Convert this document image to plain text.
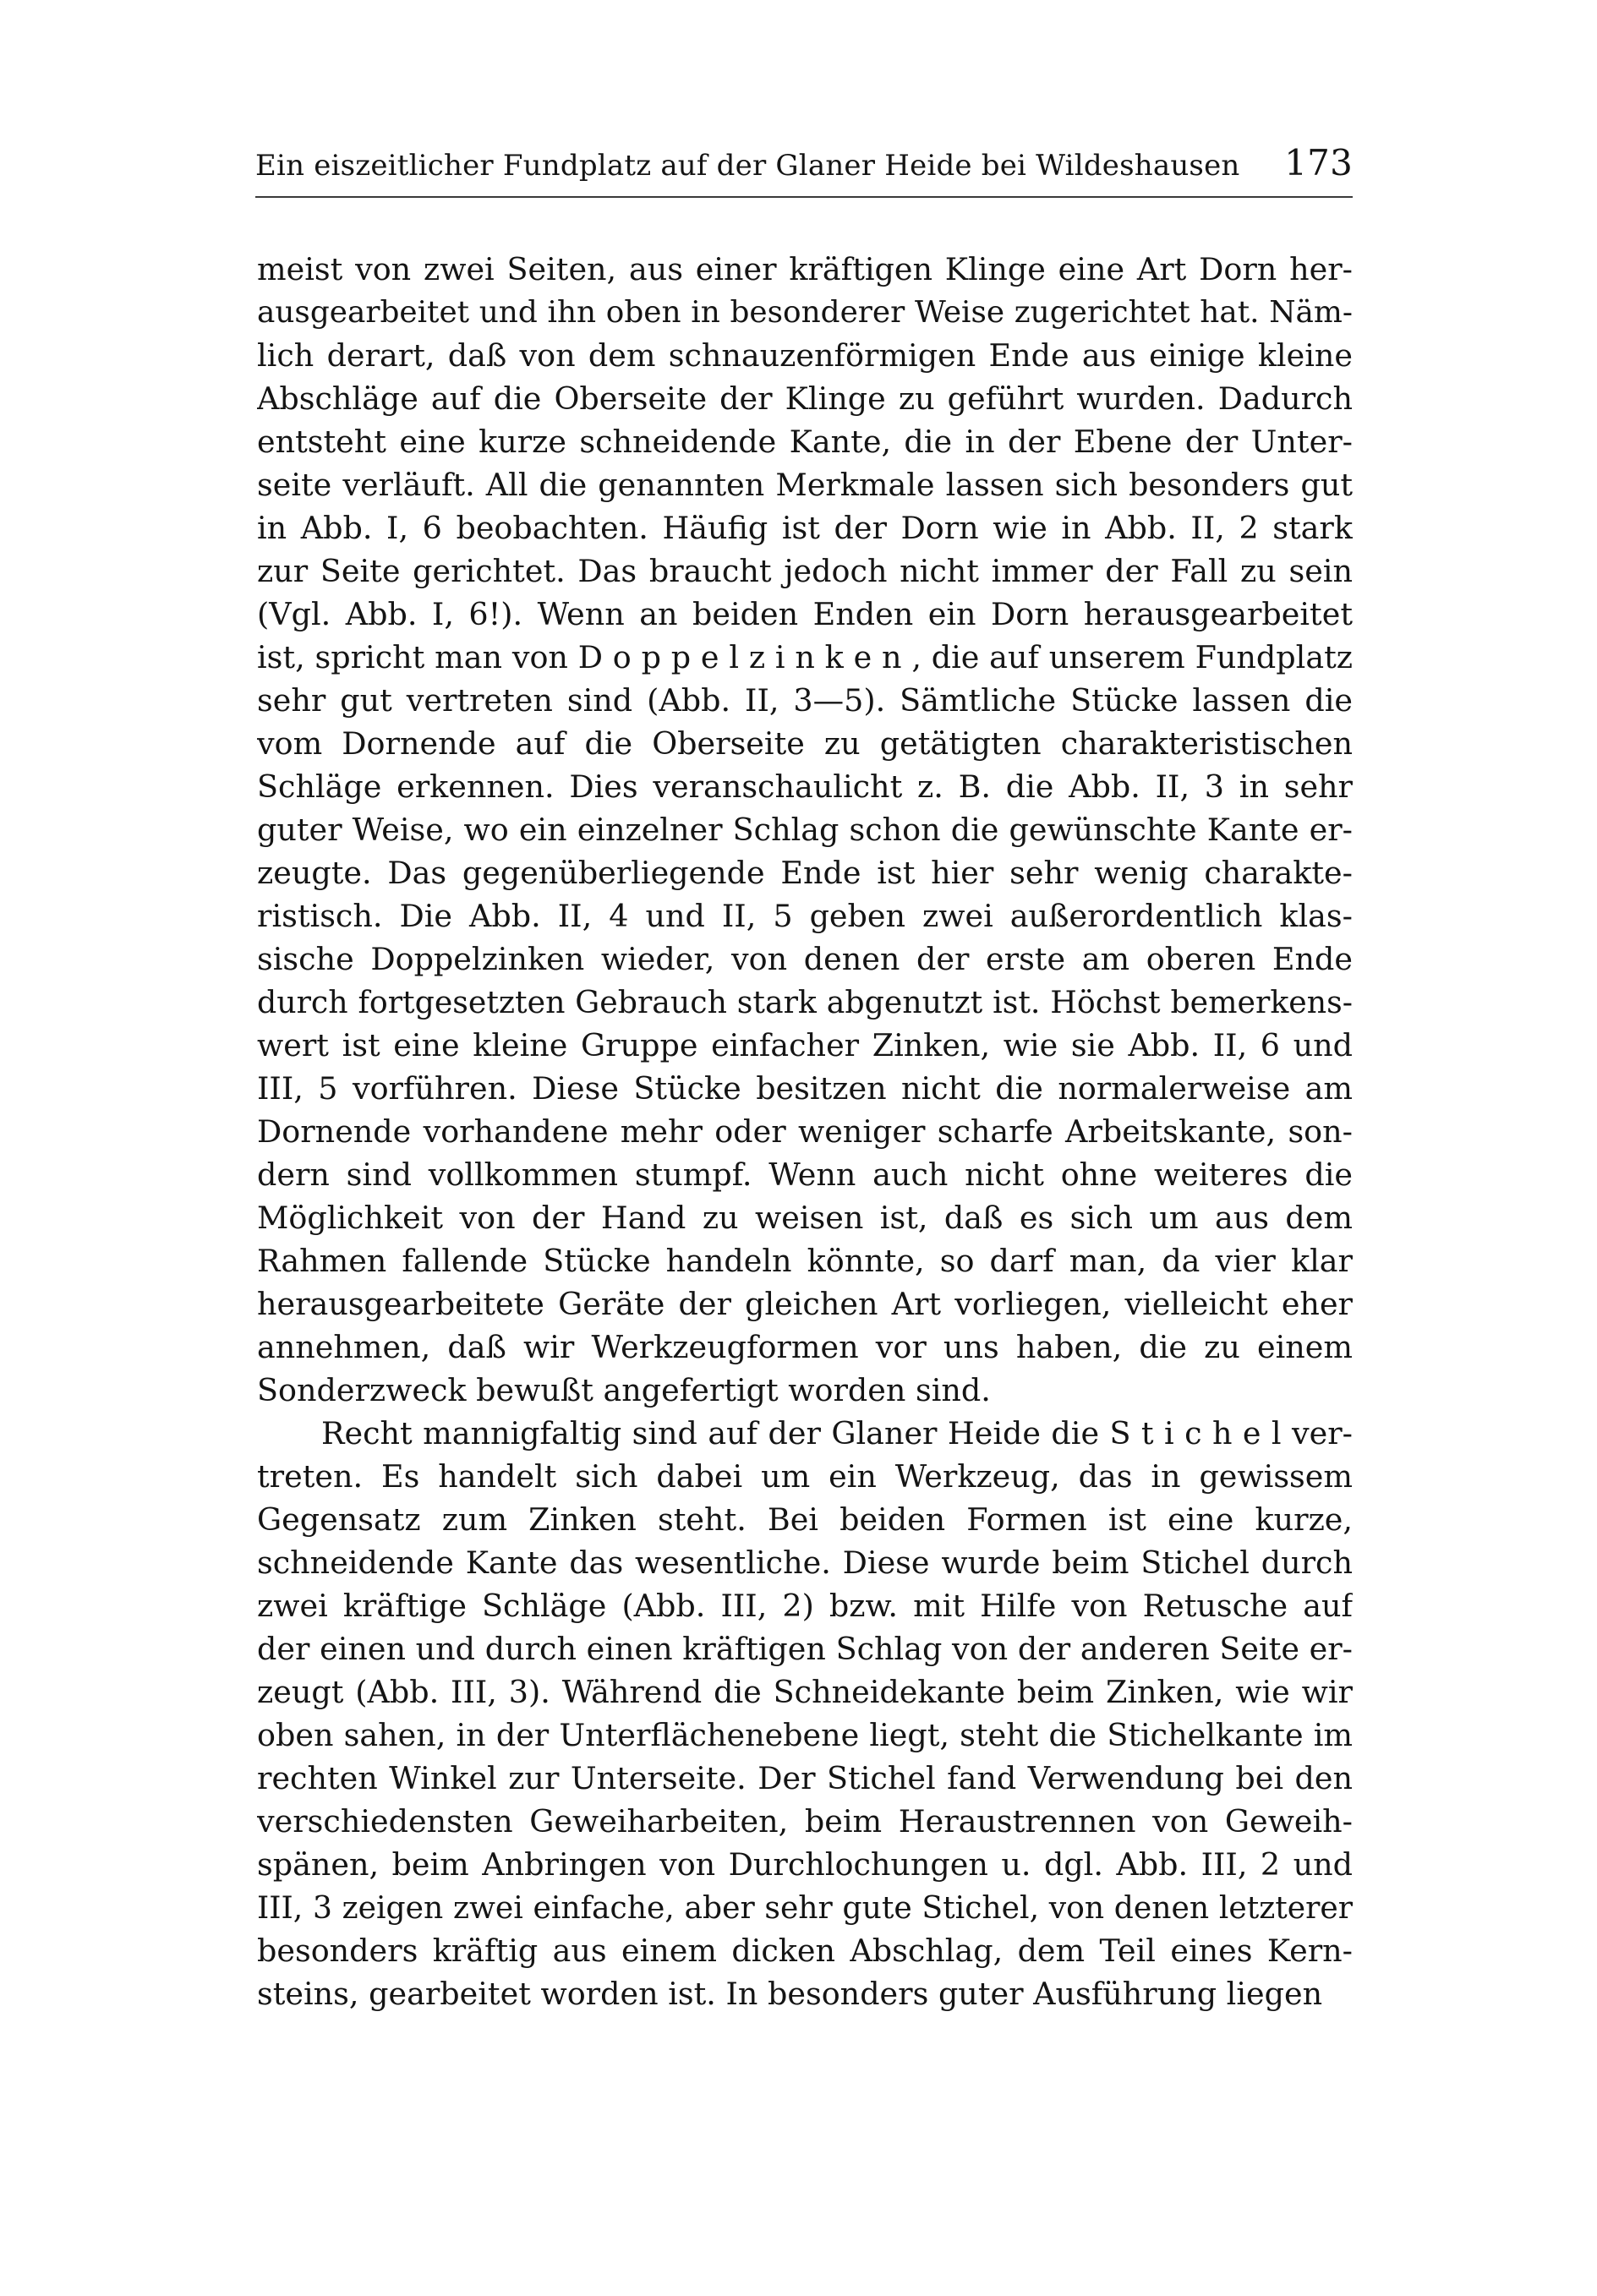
Ein eiszeitlicher Fundplatz auf der Glaner Heide bei Wildeshausen 173
meist von zwei Seiten, aus einer kräftigen Klinge eine Art Dorn her-
ausgearbeitet und ihn oben in besonderer Weise zugerichtet hat. Näm-
lich derart, daß von dem schnauzenförmigen Ende aus einige kleine
Abschläge auf die Oberseite der Klinge zu geführt wurden. Dadurch
entsteht eine kurze schneidende Kante, die in der Ebene der Unter-
seite verläuft. All die genannten Merkmale lassen sich besonders gut
in Abb. I, 6 beobachten. Häufig ist der Dorn wie in Abb. II, 2 stark
zur Seite gerichtet. Das braucht jedoch nicht immer der Fall zu sein
(Vgl. Abb. I, 6!). Wenn an beiden Enden ein Dorn herausgearbeitet
ist, spricht man von D o p p e l z i n k e n , die auf unserem Fundplatz
sehr gut vertreten sind (Abb. II, 3—5). Sämtliche Stücke lassen die
vom Dornende auf die Oberseite zu getätigten charakteristischen
Schläge erkennen. Dies veranschaulicht z. B. die Abb. II, 3 in sehr
guter Weise, wo ein einzelner Schlag schon die gewünschte Kante er-
zeugte. Das gegenüberliegende Ende ist hier sehr wenig charakte-
ristisch. Die Abb. II, 4 und II, 5 geben zwei außerordentlich klas-
sische Doppelzinken wieder, von denen der erste am oberen Ende
durch fortgesetzten Gebrauch stark abgenutzt ist. Höchst bemerkens-
wert ist eine kleine Gruppe einfacher Zinken, wie sie Abb. II, 6 und
III, 5 vorführen. Diese Stücke besitzen nicht die normalerweise am
Dornende vorhandene mehr oder weniger scharfe Arbeitskante, son-
dern sind vollkommen stumpf. Wenn auch nicht ohne weiteres die
Möglichkeit von der Hand zu weisen ist, daß es sich um aus dem
Rahmen fallende Stücke handeln könnte, so darf man, da vier klar
herausgearbeitete Geräte der gleichen Art vorliegen, vielleicht eher
annehmen, daß wir Werkzeugformen vor uns haben, die zu einem
Sonderzweck bewußt angefertigt worden sind.
Recht mannigfaltig sind auf der Glaner Heide die S t i c h e l ver-
treten. Es handelt sich dabei um ein Werkzeug, das in gewissem
Gegensatz zum Zinken steht. Bei beiden Formen ist eine kurze,
schneidende Kante das wesentliche. Diese wurde beim Stichel durch
zwei kräftige Schläge (Abb. III, 2) bzw. mit Hilfe von Retusche auf
der einen und durch einen kräftigen Schlag von der anderen Seite er-
zeugt (Abb. III, 3). Während die Schneidekante beim Zinken, wie wir
oben sahen, in der Unterflächenebene liegt, steht die Stichelkante im
rechten Winkel zur Unterseite. Der Stichel fand Verwendung bei den
verschiedensten Geweiharbeiten, beim Heraustrennen von Geweih-
spänen, beim Anbringen von Durchlochungen u. dgl. Abb. III, 2 und
III, 3 zeigen zwei einfache, aber sehr gute Stichel, von denen letzterer
besonders kräftig aus einem dicken Abschlag, dem Teil eines Kern-
steins, gearbeitet worden ist. In besonders guter Ausführung liegen
